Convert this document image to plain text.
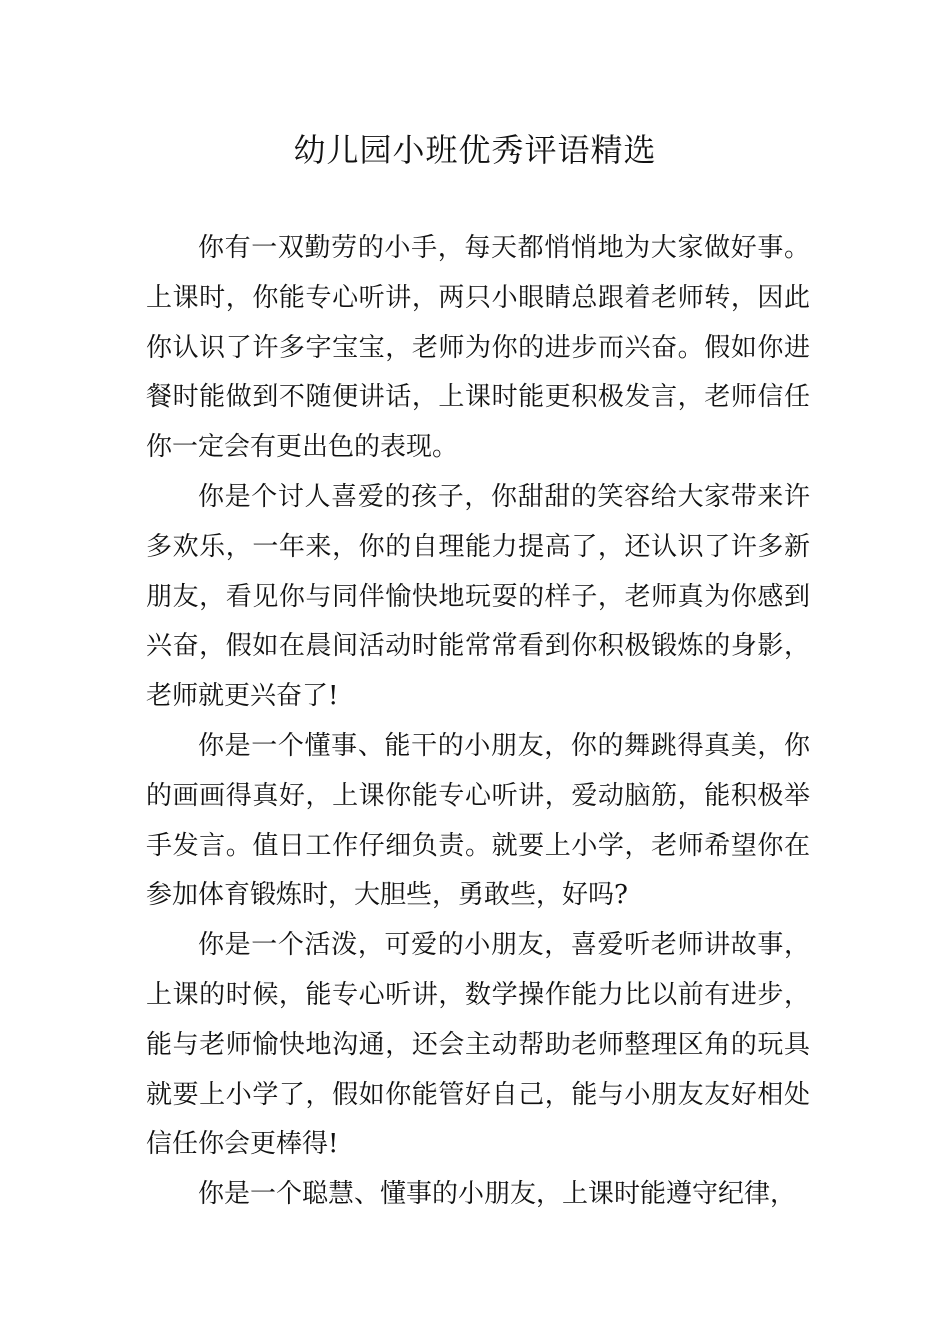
幼儿园小班优秀评语精选

你有一双勤劳的小手，每天都悄悄地为大家做好事。上课时，你能专心听讲，两只小眼睛总跟着老师转，因此你认识了许多字宝宝，老师为你的进步而兴奋。假如你进餐时能做到不随便讲话，上课时能更积极发言，老师信任你一定会有更出色的表现。

你是个讨人喜爱的孩子，你甜甜的笑容给大家带来许多欢乐，一年来，你的自理能力提高了，还认识了许多新朋友，看见你与同伴愉快地玩耍的样子，老师真为你感到兴奋，假如在晨间活动时能常常看到你积极锻炼的身影，老师就更兴奋了!

你是一个懂事、能干的小朋友，你的舞跳得真美，你的画画得真好，上课你能专心听讲，爱动脑筋，能积极举手发言。值日工作仔细负责。就要上小学，老师希望你在参加体育锻炼时，大胆些，勇敢些，好吗?

你是一个活泼，可爱的小朋友，喜爱听老师讲故事，上课的时候，能专心听讲，数学操作能力比以前有进步，能与老师愉快地沟通，还会主动帮助老师整理区角的玩具就要上小学了，假如你能管好自己，能与小朋友友好相处信任你会更棒得!

你是一个聪慧、懂事的小朋友，上课时能遵守纪律，
